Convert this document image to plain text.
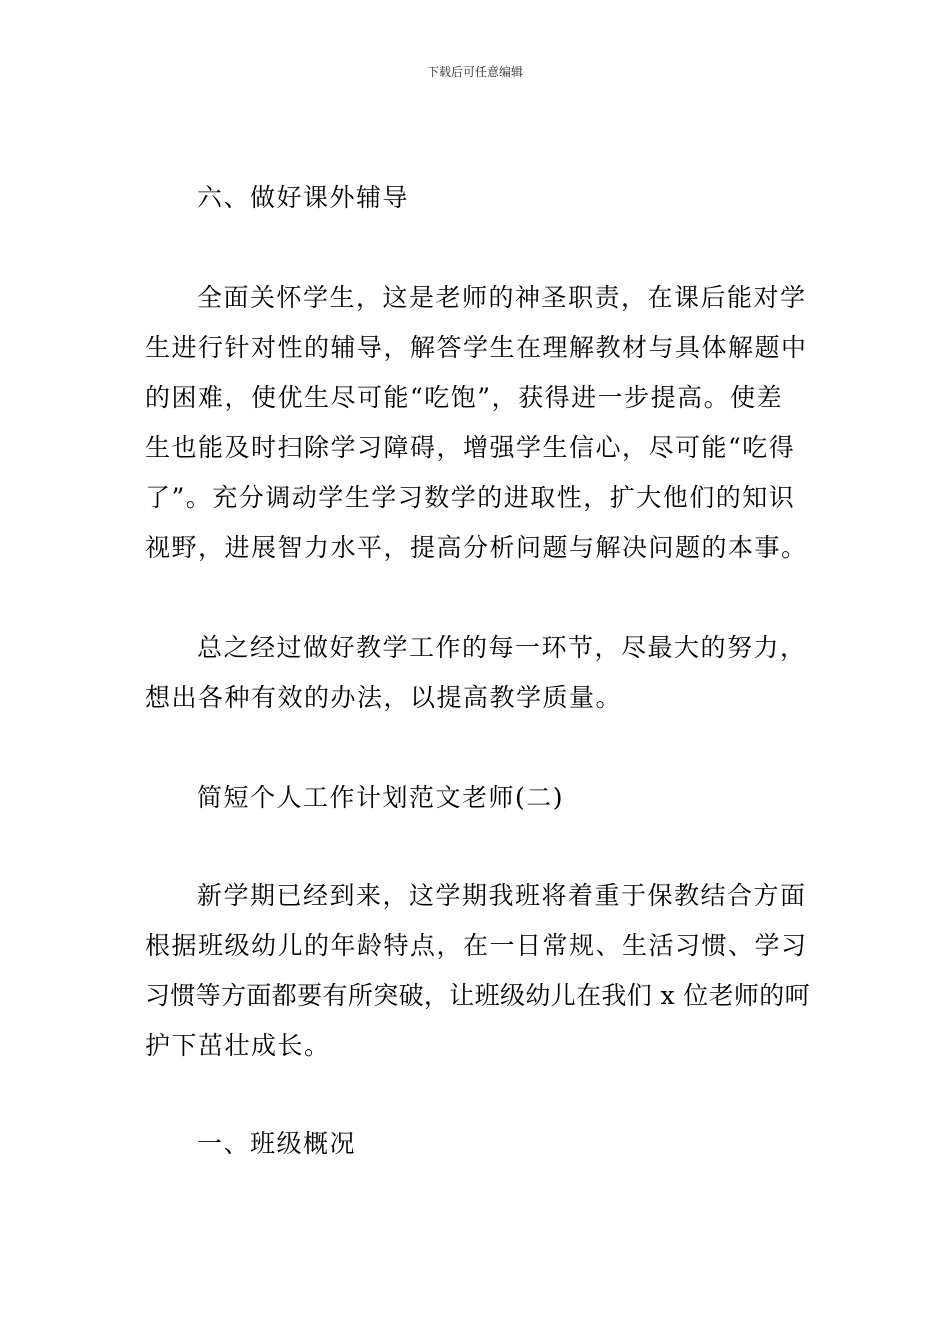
下载后可任意编辑
六、做好课外辅导
全面关怀学生，这是老师的神圣职责，在课后能对学
生进行针对性的辅导，解答学生在理解教材与具体解题中
的困难，使优生尽可能“吃饱”，获得进一步提高。使差
生也能及时扫除学习障碍，增强学生信心，尽可能“吃得
了”。充分调动学生学习数学的进取性，扩大他们的知识
视野，进展智力水平，提高分析问题与解决问题的本事。
总之经过做好教学工作的每一环节，尽最大的努力，
想出各种有效的办法，以提高教学质量。
简短个人工作计划范文老师(二)
新学期已经到来，这学期我班将着重于保教结合方面
根据班级幼儿的年龄特点，在一日常规、生活习惯、学习
习惯等方面都要有所突破，让班级幼儿在我们 x 位老师的呵
护下茁壮成长。
一、班级概况
